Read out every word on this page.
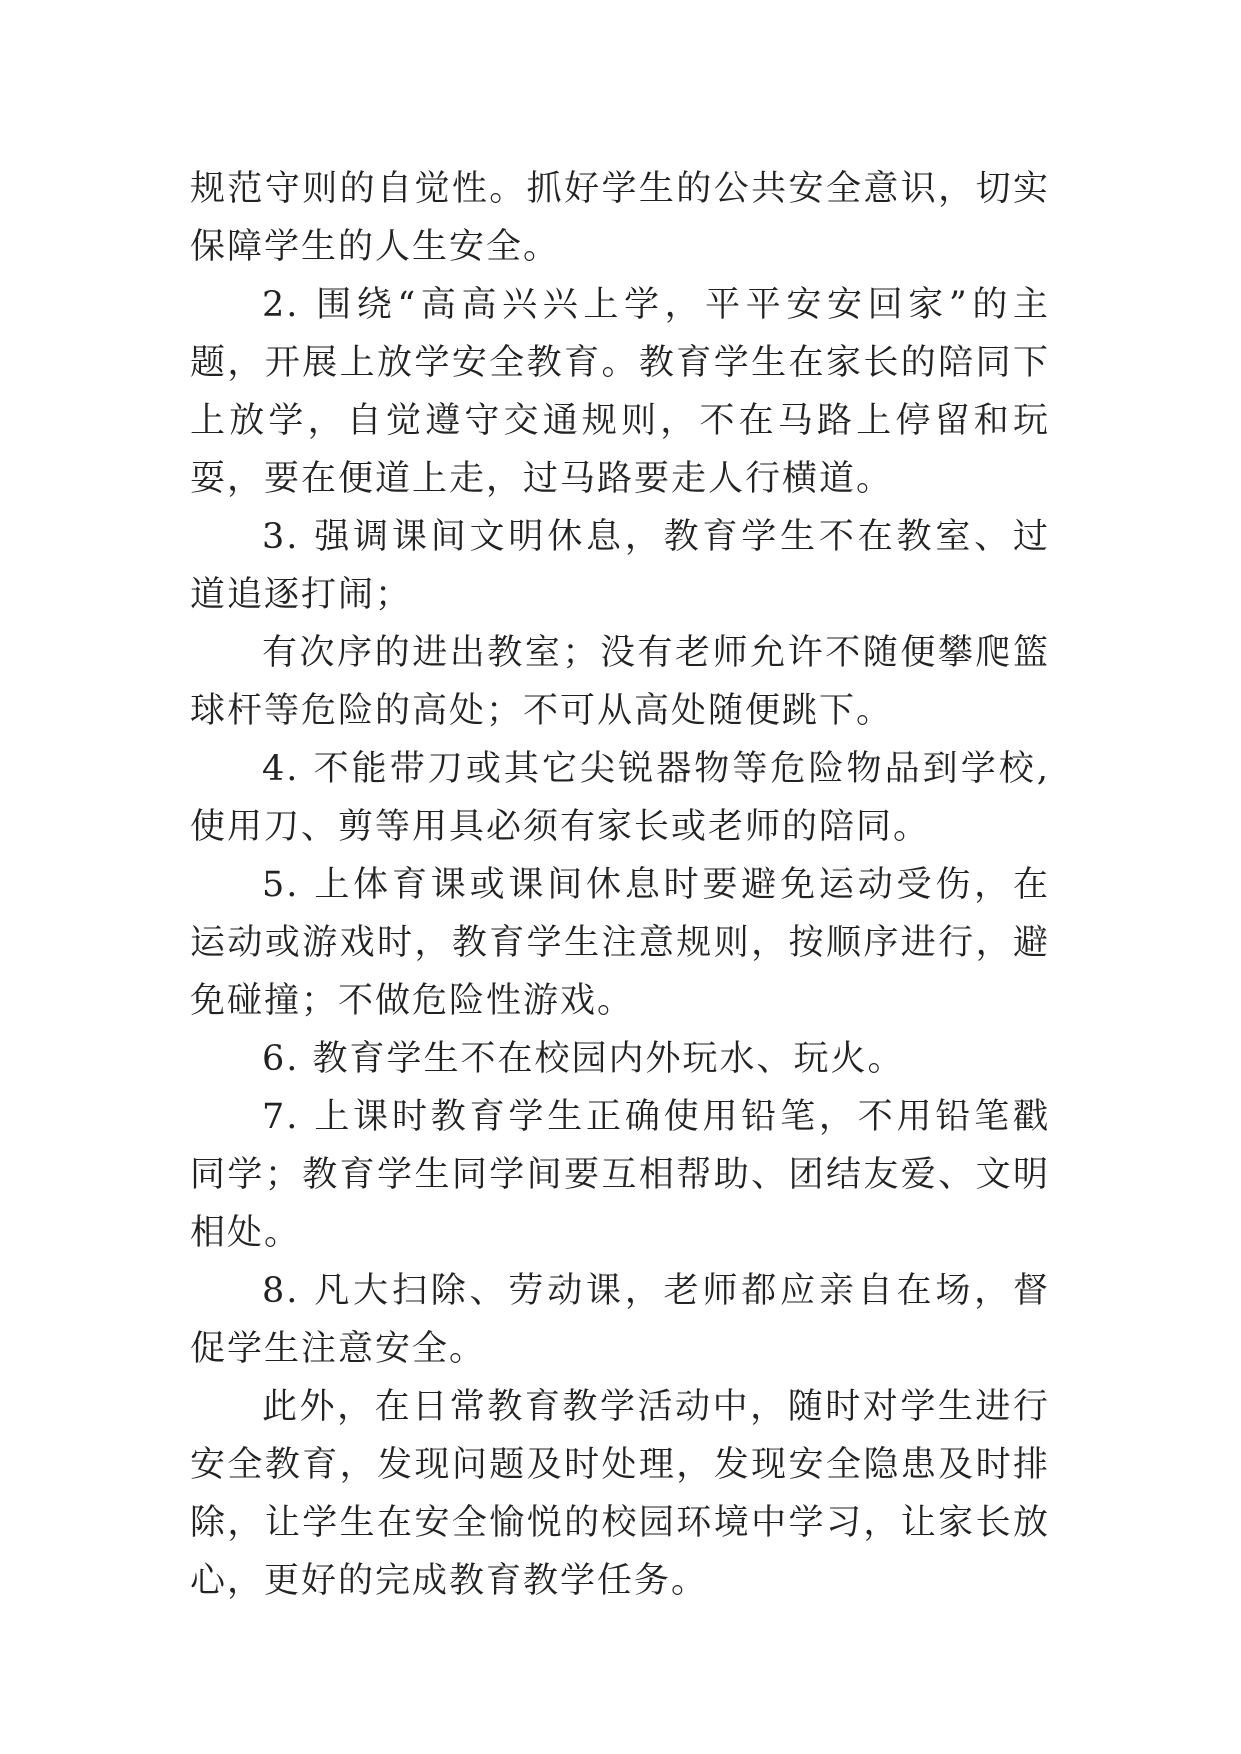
规范守则的自觉性。抓好学生的公共安全意识，切实保障学生的人生安全。

2. 围绕“高高兴兴上学，平平安安回家”的主题，开展上放学安全教育。教育学生在家长的陪同下上放学，自觉遵守交通规则，不在马路上停留和玩耍，要在便道上走，过马路要走人行横道。

3. 强调课间文明休息，教育学生不在教室、过道追逐打闹；

有次序的进出教室；没有老师允许不随便攀爬篮球杆等危险的高处；不可从高处随便跳下。

4. 不能带刀或其它尖锐器物等危险物品到学校,使用刀、剪等用具必须有家长或老师的陪同。

5. 上体育课或课间休息时要避免运动受伤，在运动或游戏时，教育学生注意规则，按顺序进行，避免碰撞；不做危险性游戏。

6. 教育学生不在校园内外玩水、玩火。

7. 上课时教育学生正确使用铅笔，不用铅笔戳同学；教育学生同学间要互相帮助、团结友爱、文明相处。

8. 凡大扫除、劳动课，老师都应亲自在场，督促学生注意安全。

此外，在日常教育教学活动中，随时对学生进行安全教育，发现问题及时处理，发现安全隐患及时排除，让学生在安全愉悦的校园环境中学习，让家长放心，更好的完成教育教学任务。
